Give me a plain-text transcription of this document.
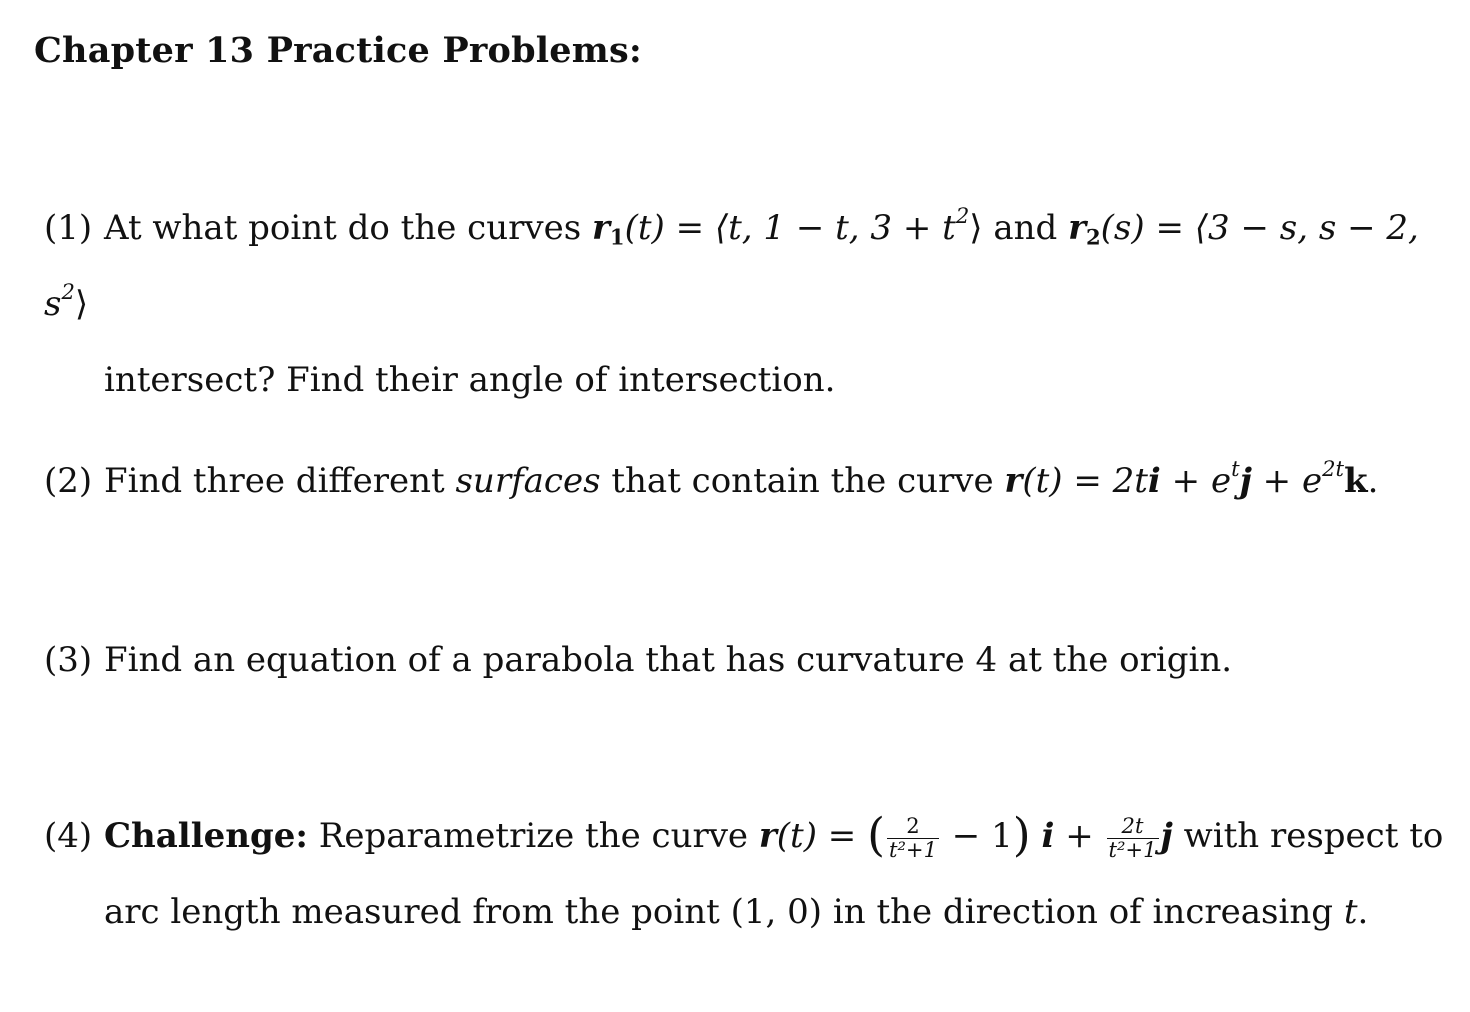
Chapter 13 Practice Problems:
(1) At what point do the curves $r_1(t)$ = ⟨t, 1 − t, $3 + t^2⟩$ and $r_2(s)$ = ⟨3 − s, s − 2, $s^2⟩$
intersect? Find their angle of intersection.
(2) Find three different surfaces that contain the curve $r(t) = 2ti + e^tj + e^{2t}k$.
(3) Find an equation of a parabola that has curvature 4 at the origin.
(4) Challenge: Reparametrize the curve r(t) = ( $\frac{2}{\text{t²+1}} - 1$) $i + \frac{2t}{\text{t²+1}}$ j with respect to
arc length measured from the point (1, 0) in the direction of increasing t.
